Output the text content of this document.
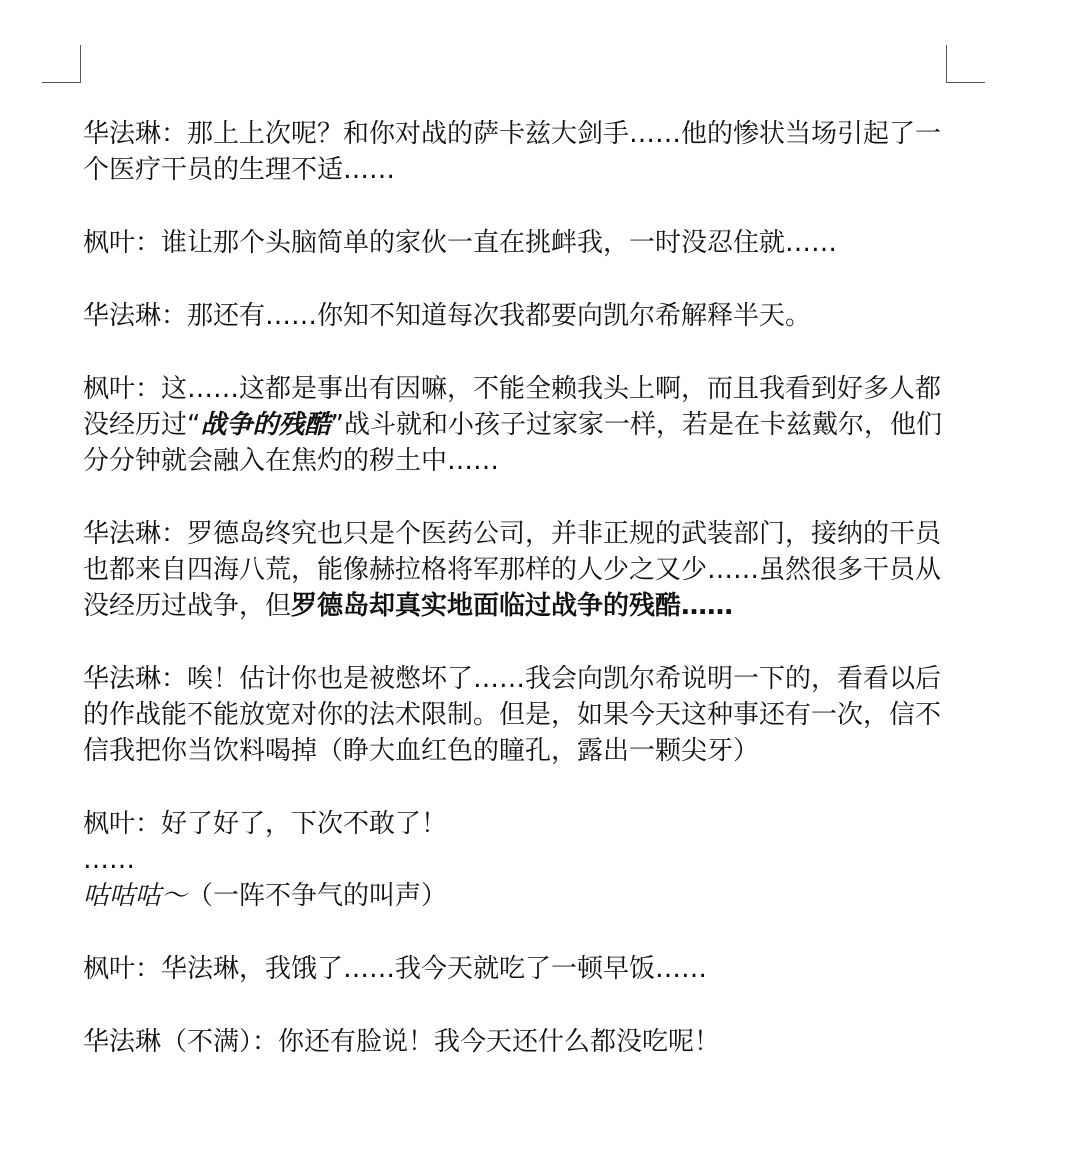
华法琳：那上上次呢？和你对战的萨卡兹大剑手……他的惨状当场引起了一个医疗干员的生理不适……

枫叶：谁让那个头脑简单的家伙一直在挑衅我，一时没忍住就……

华法琳：那还有……你知不知道每次我都要向凯尔希解释半天。

枫叶：这……这都是事出有因嘛，不能全赖我头上啊，而且我看到好多人都没经历过“战争的残酷”战斗就和小孩子过家家一样，若是在卡兹戴尔，他们分分钟就会融入在焦灼的秽土中……

华法琳：罗德岛终究也只是个医药公司，并非正规的武装部门，接纳的干员也都来自四海八荒，能像赫拉格将军那样的人少之又少……虽然很多干员从没经历过战争，但罗德岛却真实地面临过战争的残酷……

华法琳：唉！估计你也是被憋坏了……我会向凯尔希说明一下的，看看以后的作战能不能放宽对你的法术限制。但是，如果今天这种事还有一次，信不信我把你当饮料喝掉（睁大血红色的瞳孔，露出一颗尖牙）

枫叶：好了好了，下次不敢了！

……

咕咕咕～（一阵不争气的叫声）

枫叶：华法琳，我饿了……我今天就吃了一顿早饭……

华法琳（不满）：你还有脸说！我今天还什么都没吃呢！
